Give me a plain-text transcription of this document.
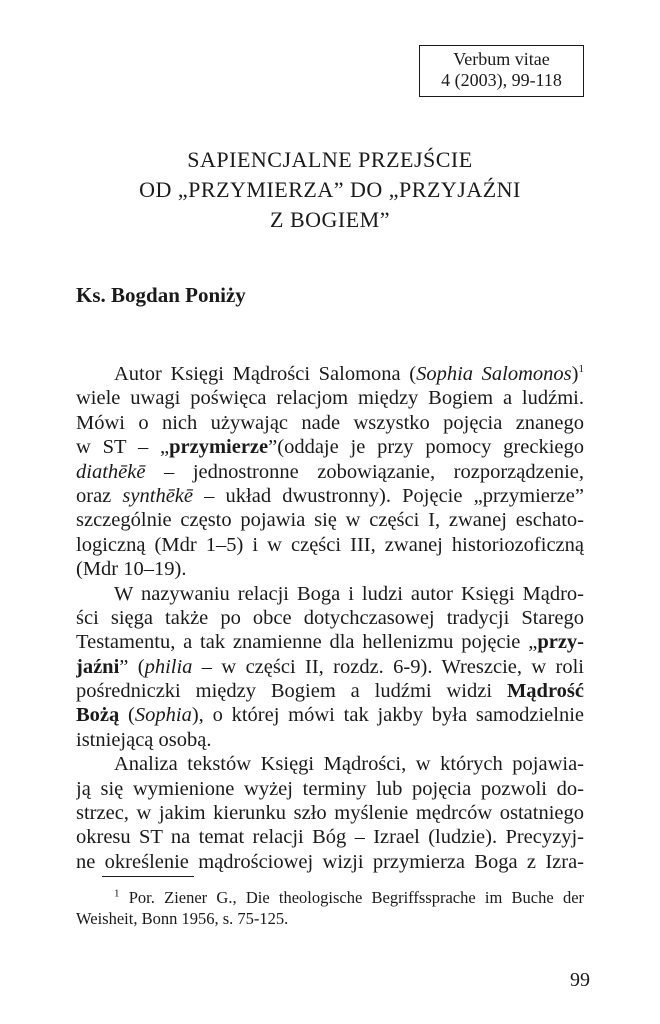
Verbum vitae
4 (2003), 99-118
SAPIENCJALNE PRZEJŚCIE
OD „PRZYMIERZA” DO „PRZYJAŹNI
Z BOGIEM”
Ks. Bogdan Poniży
Autor Księgi Mądrości Salomona (Sophia Salomonos)$^1$
wiele uwagi poświęca relacjom między Bogiem a ludźmi.
Mówi o nich używając nade wszystko pojęcia znanego
w ST – „przymierze”(oddaje je przy pomocy greckiego
diathēkē – jednostronne zobowiązanie, rozporządzenie,
oraz synthēkē – układ dwustronny). Pojęcie „przymierze”
szczególnie często pojawia się w części I, zwanej eschato-
logiczną (Mdr 1–5) i w części III, zwanej historiozoficzną
(Mdr 10–19).
W nazywaniu relacji Boga i ludzi autor Księgi Mądro-
ści sięga także po obce dotychczasowej tradycji Starego
Testamentu, a tak znamienne dla hellenizmu pojęcie „przy-
jaźni” (philia – w części II, rozdz. 6-9). Wreszcie, w roli
pośredniczki między Bogiem a ludźmi widzi Mądrość
Bożą (Sophia), o której mówi tak jakby była samodzielnie
istniejącą osobą.
Analiza tekstów Księgi Mądrości, w których pojawia-
ją się wymienione wyżej terminy lub pojęcia pozwoli do-
strzec, w jakim kierunku szło myślenie mędrców ostatniego
okresu ST na temat relacji Bóg – Izrael (ludzie). Precyzyj-
ne określenie mądrościowej wizji przymierza Boga z Izra-
$^1$ Por. Ziener G., Die theologische Begriffssprache im Buche der
Weisheit, Bonn 1956, s. 75-125.
99
